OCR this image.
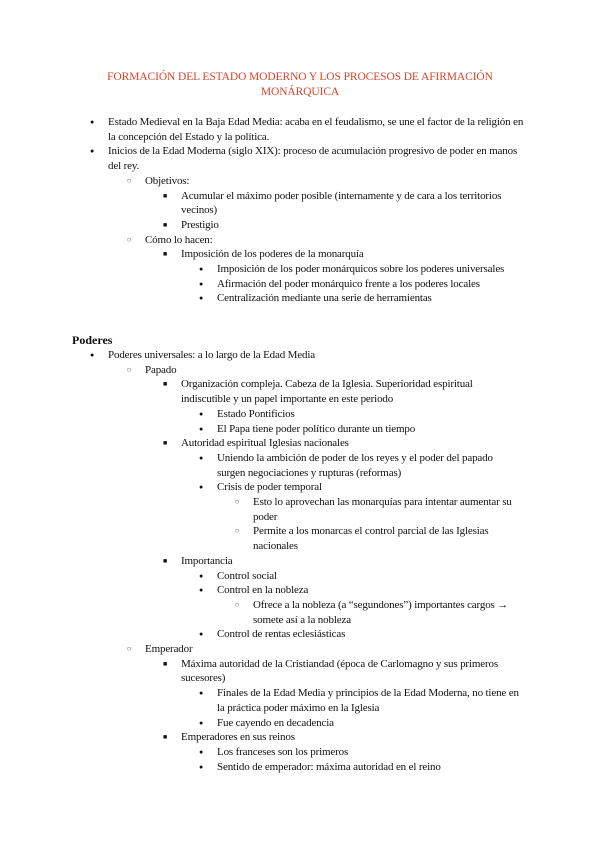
FORMACIÓN DEL ESTADO MODERNO Y LOS PROCESOS DE AFIRMACIÓN MONÁRQUICA
● Estado Medieval en la Baja Edad Media: acaba en el feudalismo, se une el factor de la religión en la concepción del Estado y la política.
● Inicios de la Edad Moderna (siglo XIX): proceso de acumulación progresivo de poder en manos del rey.
○ Objetivos:
■ Acumular el máximo poder posible (internamente y de cara a los territorios vecinos)
■ Prestigio
○ Cómo lo hacen:
■ Imposición de los poderes de la monarquía
● Imposición de los poder monárquicos sobre los poderes universales
● Afirmación del poder monárquico frente a los poderes locales
● Centralización mediante una serie de herramientas
Poderes
● Poderes universales: a lo largo de la Edad Media
○ Papado
■ Organización compleja. Cabeza de la Iglesia. Superioridad espiritual indiscutible y un papel importante en este periodo
● Estado Pontificios
● El Papa tiene poder político durante un tiempo
■ Autoridad espiritual Iglesias nacionales
● Uniendo la ambición de poder de los reyes y el poder del papado surgen negociaciones y rupturas (reformas)
● Crisis de poder temporal
○ Esto lo aprovechan las monarquías para intentar aumentar su poder
○ Permite a los monarcas el control parcial de las Iglesias nacionales
■ Importancia
● Control social
● Control en la nobleza
○ Ofrece a la nobleza (a “segundones”) importantes cargos → somete así a la nobleza
● Control de rentas eclesiásticas
○ Emperador
■ Máxima autoridad de la Cristiandad (época de Carlomagno y sus primeros sucesores)
● Finales de la Edad Media y principios de la Edad Moderna, no tiene en la práctica poder máximo en la Iglesia
● Fue cayendo en decadencia
■ Emperadores en sus reinos
● Los franceses son los primeros
● Sentido de emperador: máxima autoridad en el reino
